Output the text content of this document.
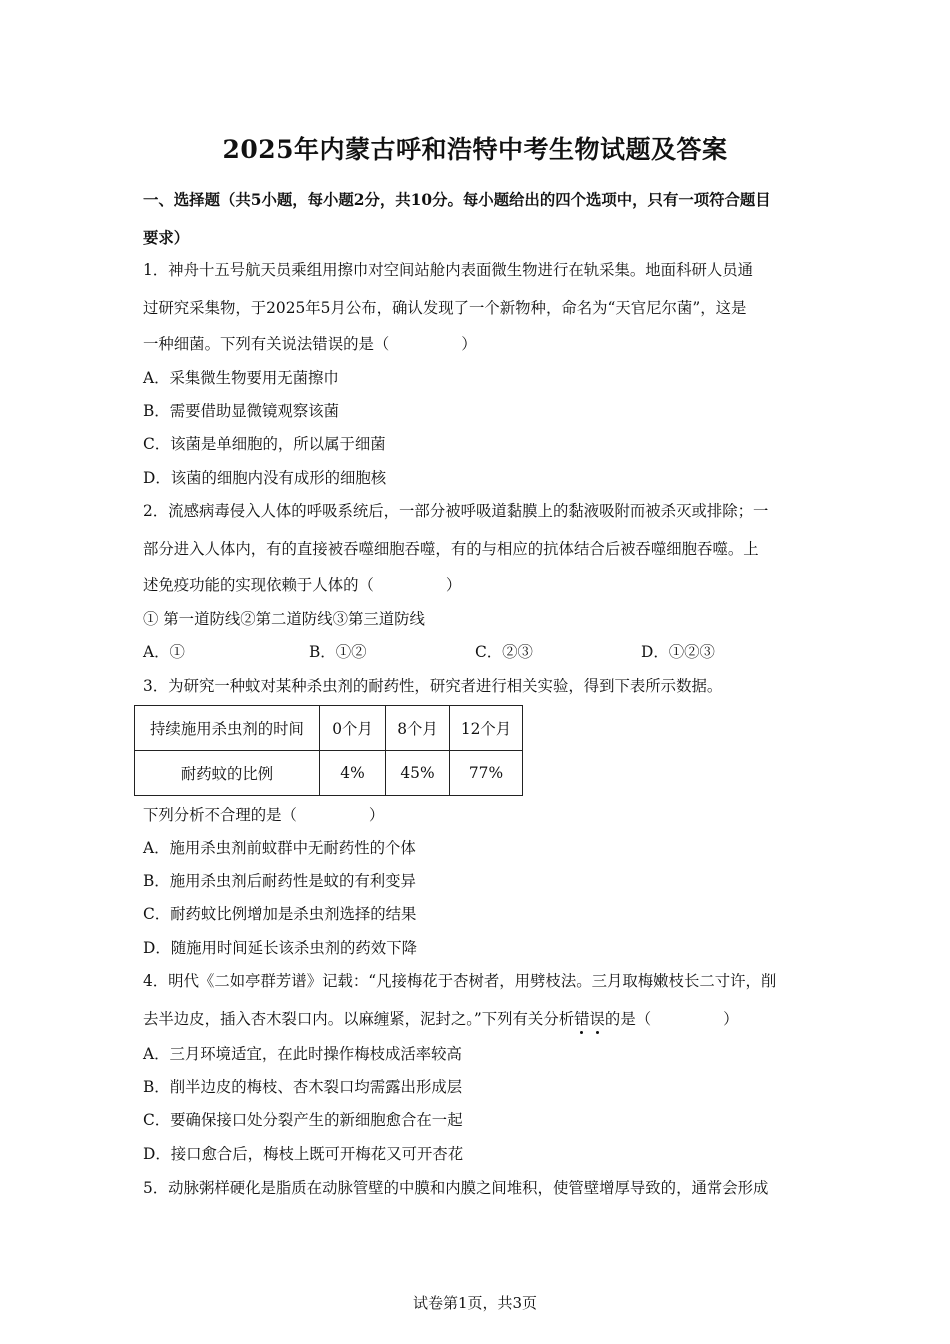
2025年内蒙古呼和浩特中考生物试题及答案
一、选择题（共5小题，每小题2分，共10分。每小题给出的四个选项中，只有一项符合题目
要求）
1．神舟十五号航天员乘组用擦巾对空间站舱内表面微生物进行在轨采集。地面科研人员通
过研究采集物，于2025年5月公布，确认发现了一个新物种，命名为“天官尼尔菌”，这是
一种细菌。下列有关说法错误的是（	）
A．采集微生物要用无菌擦巾
B．需要借助显微镜观察该菌
C．该菌是单细胞的，所以属于细菌
D．该菌的细胞内没有成形的细胞核
2．流感病毒侵入人体的呼吸系统后，一部分被呼吸道黏膜上的黏液吸附而被杀灭或排除；一
部分进入人体内，有的直接被吞噬细胞吞噬，有的与相应的抗体结合后被吞噬细胞吞噬。上
述免疫功能的实现依赖于人体的（	）
① 第一道防线②第二道防线③第三道防线
A．①	B．①②	C．②③	D．①②③
3．为研究一种蚊对某种杀虫剂的耐药性，研究者进行相关实验，得到下表所示数据。
持续施用杀虫剂的时间	0个月	8个月	12个月
耐药蚊的比例	4%	45%	77%
下列分析不合理的是（	）
A．施用杀虫剂前蚊群中无耐药性的个体
B．施用杀虫剂后耐药性是蚊的有利变异
C．耐药蚊比例增加是杀虫剂选择的结果
D．随施用时间延长该杀虫剂的药效下降
4．明代《二如亭群芳谱》记载：“凡接梅花于杏树者，用劈枝法。三月取梅嫩枝长二寸许，削
去半边皮，插入杏木裂口内。以麻缠紧，泥封之。”下列有关分析错误的是（	）
A．三月环境适宜，在此时操作梅枝成活率较高
B．削半边皮的梅枝、杏木裂口均需露出形成层
C．要确保接口处分裂产生的新细胞愈合在一起
D．接口愈合后，梅枝上既可开梅花又可开杏花
5．动脉粥样硬化是脂质在动脉管壁的中膜和内膜之间堆积，使管壁增厚导致的，通常会形成
试卷第1页，共3页
